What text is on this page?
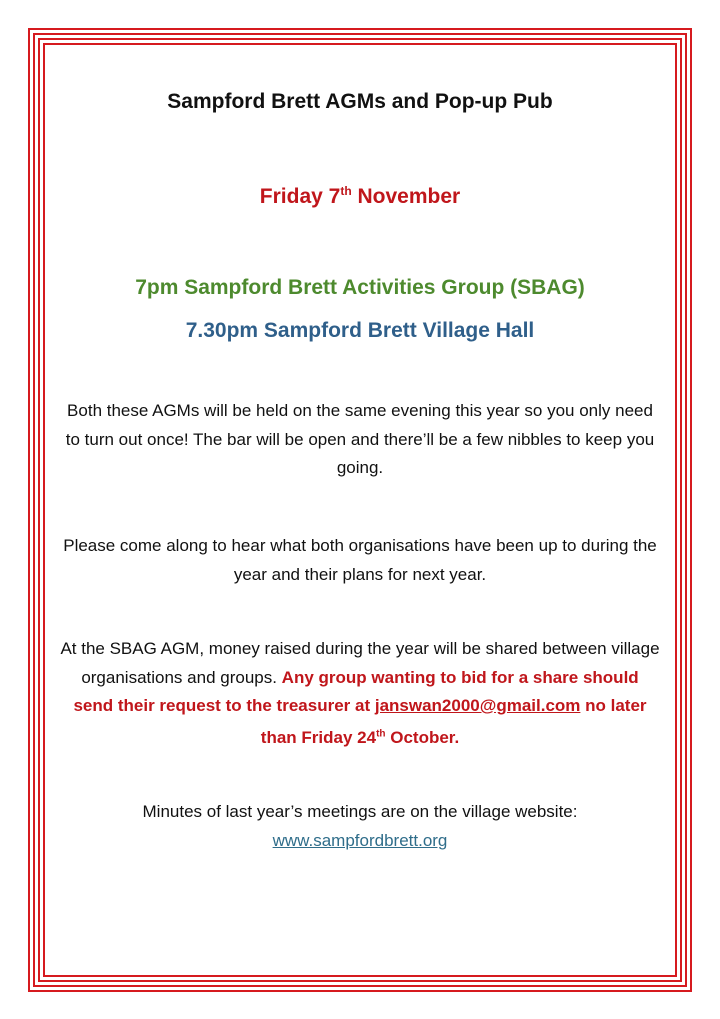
Sampford Brett AGMs and Pop-up Pub
Friday 7th November
7pm Sampford Brett Activities Group (SBAG)
7.30pm Sampford Brett Village Hall

Both these AGMs will be held on the same evening this year so you only need to turn out once! The bar will be open and there’ll be a few nibbles to keep you going.

Please come along to hear what both organisations have been up to during the year and their plans for next year.

At the SBAG AGM, money raised during the year will be shared between village organisations and groups. Any group wanting to bid for a share should send their request to the treasurer at janswan2000@gmail.com no later than Friday 24th October.

Minutes of last year’s meetings are on the village website:
www.sampfordbrett.org
